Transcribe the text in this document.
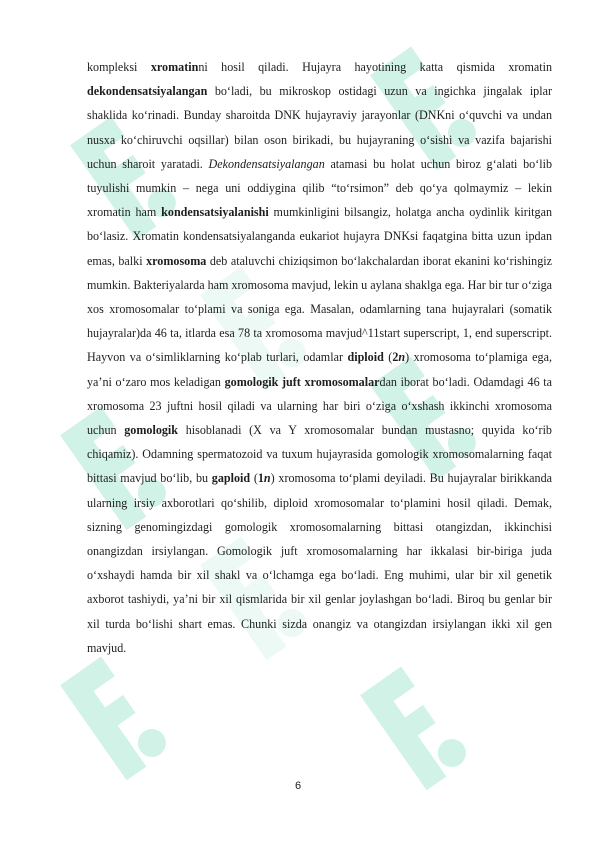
kompleksi xromatinni hosil qiladi. Hujayra hayotining katta qismida xromatin dekondensatsiyalangan bo‘ladi, bu mikroskop ostidagi uzun va ingichka jingalak iplar shaklida ko‘rinadi. Bunday sharoitda DNK hujayraviy jarayonlar (DNKni o‘quvchi va undan nusxa ko‘chiruvchi oqsillar) bilan oson birikadi, bu hujayraning o‘sishi va vazifa bajarishi uchun sharoit yaratadi. Dekondensatsiyalangan atamasi bu holat uchun biroz g‘alati bo‘lib tuyulishi mumkin – nega uni oddiygina qilib “to‘rsimon” deb qo‘ya qolmaymiz – lekin xromatin ham kondensatsiyalanishi mumkinligini bilsangiz, holatga ancha oydinlik kiritgan bo‘lasiz. Xromatin kondensatsiyalanganda eukariot hujayra DNKsi faqatgina bitta uzun ipdan emas, balki xromosoma deb ataluvchi chiziqsimon bo‘lakchalardan iborat ekanini ko‘rishingiz mumkin. Bakteriyalarda ham xromosoma mavjud, lekin u aylana shaklga ega. Har bir tur o‘ziga xos xromosomalar to‘plami va soniga ega. Masalan, odamlarning tana hujayralari (somatik hujayralar)da 46 ta, itlarda esa 78 ta xromosoma mavjud^11start superscript, 1, end superscript. Hayvon va o‘simliklarning ko‘plab turlari, odamlar diploid (2n) xromosoma to‘plamiga ega, ya’ni o‘zaro mos keladigan gomologik juft xromosomalardan iborat bo‘ladi. Odamdagi 46 ta xromosoma 23 juftni hosil qiladi va ularning har biri o‘ziga o‘xshash ikkinchi xromosoma uchun gomologik hisoblanadi (X va Y xromosomalar bundan mustasno; quyida ko‘rib chiqamiz). Odamning spermatozoid va tuxum hujayrasida gomologik xromosomalarning faqat bittasi mavjud bo‘lib, bu gaploid (1n) xromosoma to‘plami deyiladi. Bu hujayralar birikkanda ularning irsiy axborotlari qo‘shilib, diploid xromosomalar to‘plamini hosil qiladi. Demak, sizning genomingizdagi gomologik xromosomalarning bittasi otangizdan, ikkinchisi onangizdan irsiylangan. Gomologik juft xromosomalarning har ikkalasi bir-biriga juda o‘xshaydi hamda bir xil shakl va o‘lchamga ega bo‘ladi. Eng muhimi, ular bir xil genetik axborot tashiydi, ya’ni bir xil qismlarida bir xil genlar joylashgan bo‘ladi. Biroq bu genlar bir xil turda bo‘lishi shart emas. Chunki sizda onangiz va otangizdan irsiylangan ikki xil gen mavjud.

6
